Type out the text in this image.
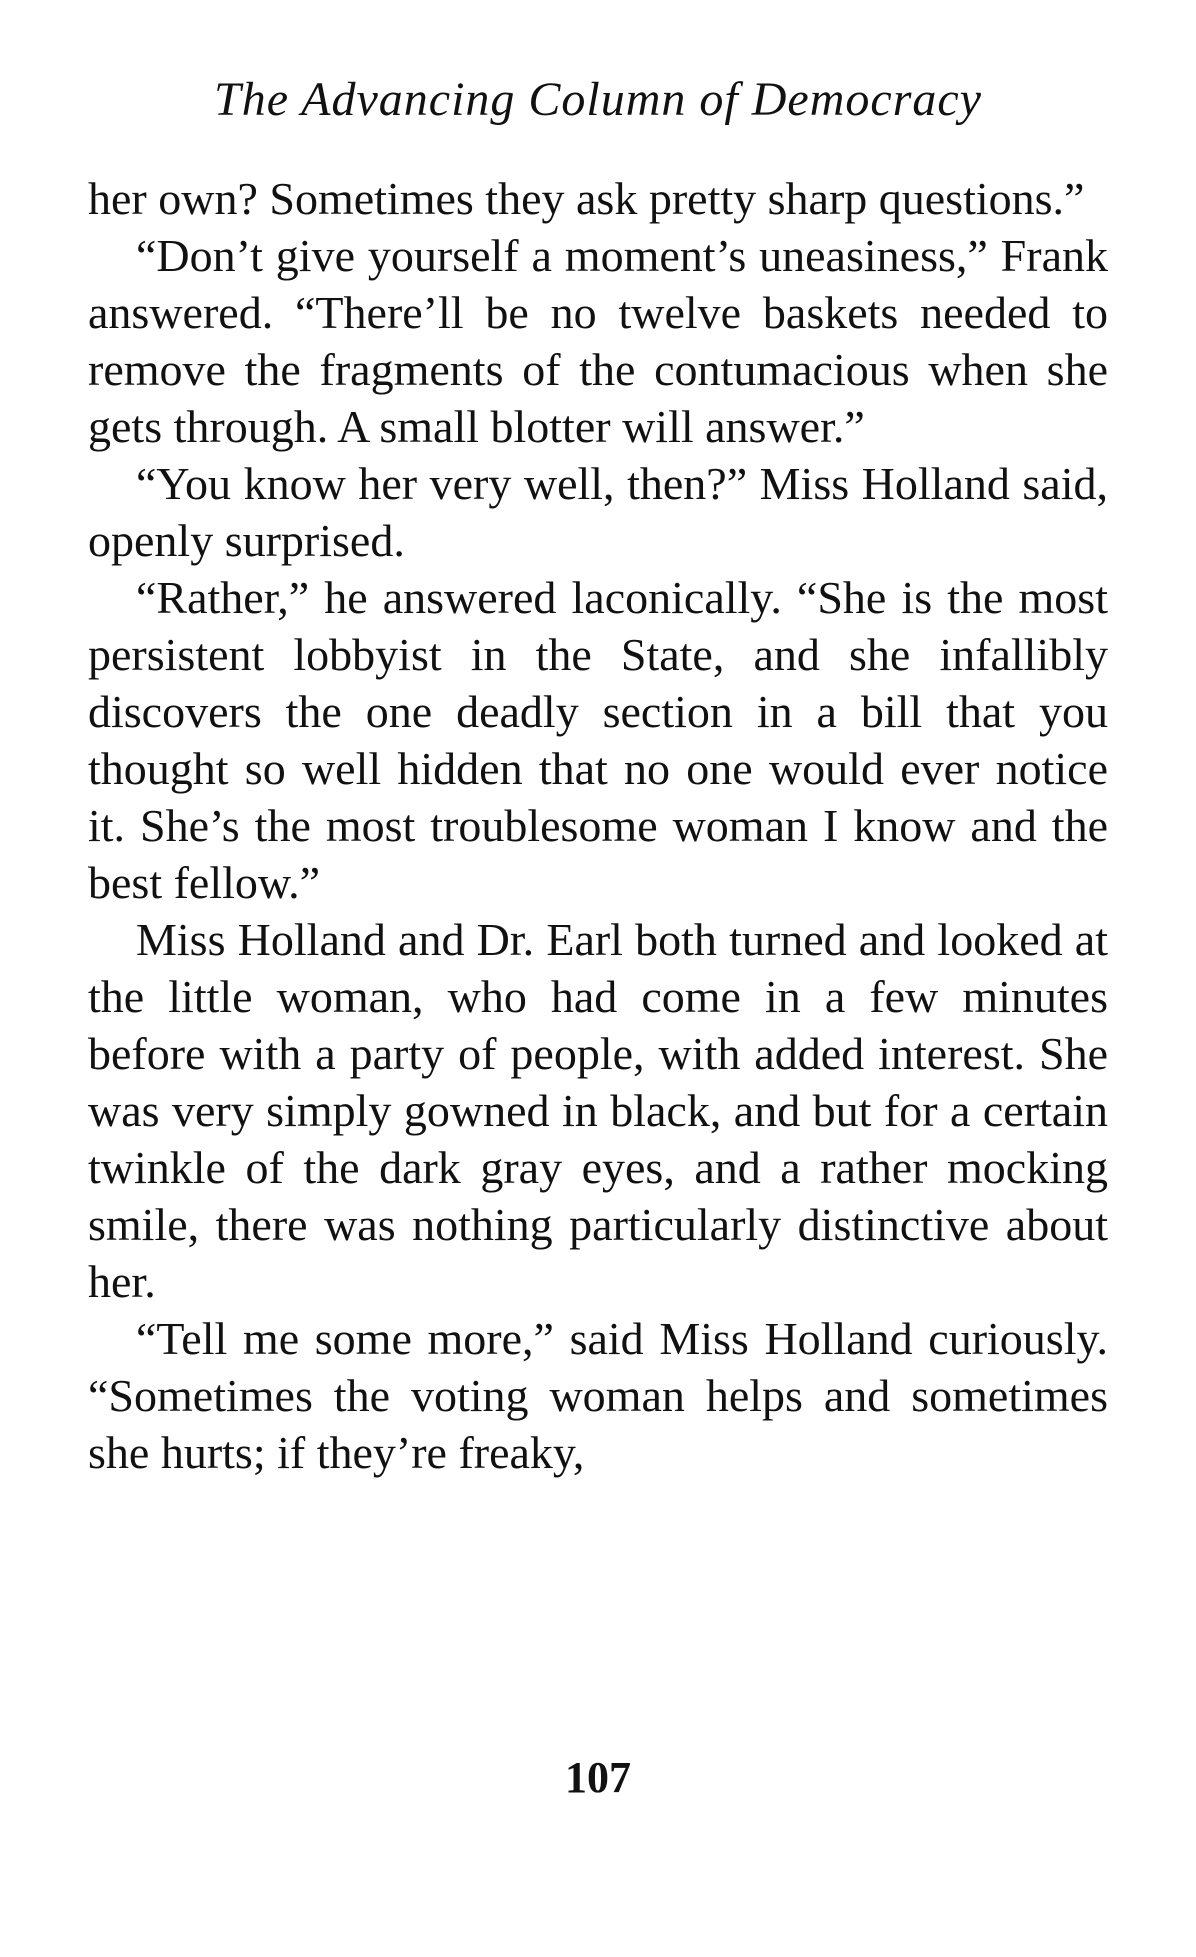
The Advancing Column of Democracy

her own? Sometimes they ask pretty sharp questions.”

“Don’t give yourself a moment’s uneasiness,” Frank answered. “There’ll be no twelve baskets needed to remove the fragments of the contumacious when she gets through. A small blotter will answer.”

“You know her very well, then?” Miss Holland said, openly surprised.

“Rather,” he answered laconically. “She is the most persistent lobbyist in the State, and she infallibly discovers the one deadly section in a bill that you thought so well hidden that no one would ever notice it. She’s the most troublesome woman I know and the best fellow.”

Miss Holland and Dr. Earl both turned and looked at the little woman, who had come in a few minutes before with a party of people, with added interest. She was very simply gowned in black, and but for a certain twinkle of the dark gray eyes, and a rather mocking smile, there was nothing particularly distinctive about her.

“Tell me some more,” said Miss Holland curiously. “Sometimes the voting woman helps and sometimes she hurts; if they’re freaky,

107
